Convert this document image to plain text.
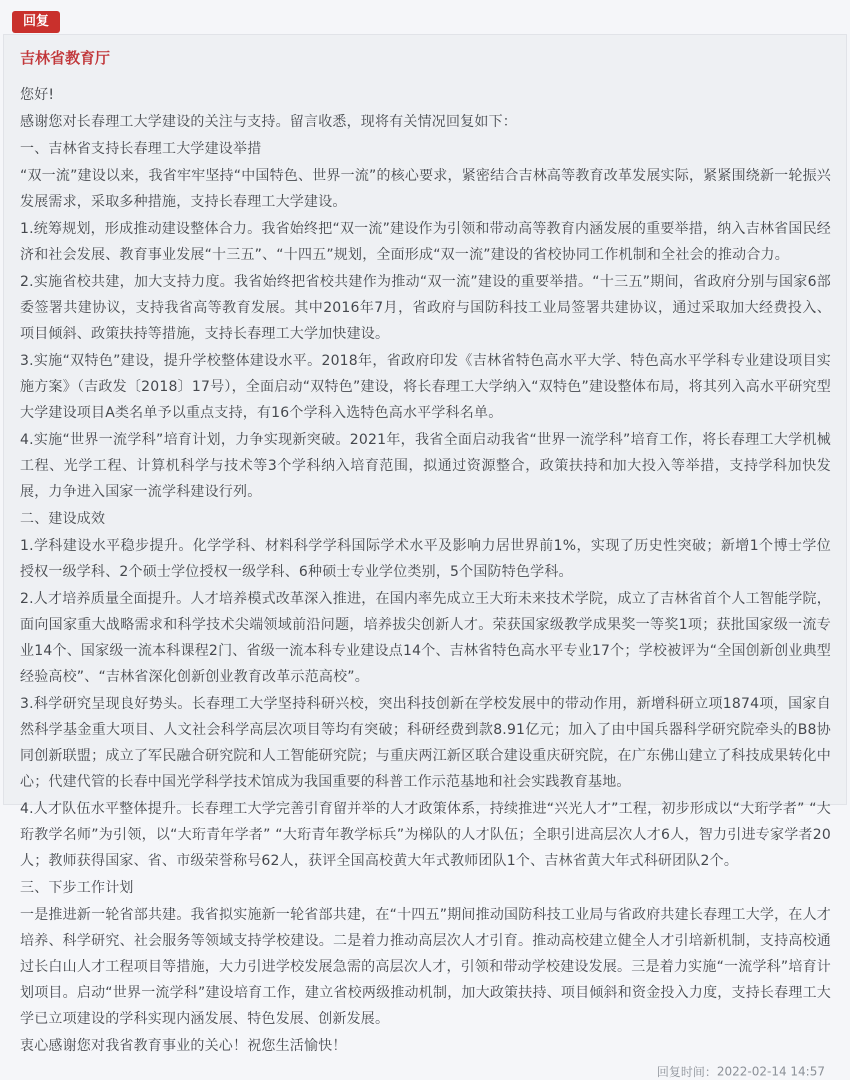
回复
吉林省教育厅

您好!

感谢您对长春理工大学建设的关注与支持。留言收悉，现将有关情况回复如下：

一、吉林省支持长春理工大学建设举措

“双一流”建设以来，我省牢牢坚持“中国特色、世界一流”的核心要求，紧密结合吉林高等教育改革发展实际，紧紧围绕新一轮振兴发展需求，采取多种措施，支持长春理工大学建设。

1.统筹规划，形成推动建设整体合力。我省始终把“双一流”建设作为引领和带动高等教育内涵发展的重要举措，纳入吉林省国民经济和社会发展、教育事业发展“十三五”、“十四五”规划，全面形成“双一流”建设的省校协同工作机制和全社会的推动合力。

2.实施省校共建，加大支持力度。我省始终把省校共建作为推动“双一流”建设的重要举措。“十三五”期间，省政府分别与国家6部委签署共建协议，支持我省高等教育发展。其中2016年7月，省政府与国防科技工业局签署共建协议，通过采取加大经费投入、项目倾斜、政策扶持等措施，支持长春理工大学加快建设。

3.实施“双特色”建设，提升学校整体建设水平。2018年，省政府印发《吉林省特色高水平大学、特色高水平学科专业建设项目实施方案》（吉政发〔2018〕17号），全面启动“双特色”建设，将长春理工大学纳入“双特色”建设整体布局，将其列入高水平研究型大学建设项目A类名单予以重点支持，有16个学科入选特色高水平学科名单。

4.实施“世界一流学科”培育计划，力争实现新突破。2021年，我省全面启动我省“世界一流学科”培育工作，将长春理工大学机械工程、光学工程、计算机科学与技术等3个学科纳入培育范围，拟通过资源整合，政策扶持和加大投入等举措，支持学科加快发展，力争进入国家一流学科建设行列。

二、建设成效

1.学科建设水平稳步提升。化学学科、材料科学学科国际学术水平及影响力居世界前1%，实现了历史性突破；新增1个博士学位授权一级学科、2个硕士学位授权一级学科、6种硕士专业学位类别，5个国防特色学科。

2.人才培养质量全面提升。人才培养模式改革深入推进，在国内率先成立王大珩未来技术学院，成立了吉林省首个人工智能学院，面向国家重大战略需求和科学技术尖端领域前沿问题，培养拔尖创新人才。荣获国家级教学成果奖一等奖1项；获批国家级一流专业14个、国家级一流本科课程2门、省级一流本科专业建设点14个、吉林省特色高水平专业17个；学校被评为“全国创新创业典型经验高校”、“吉林省深化创新创业教育改革示范高校”。

3.科学研究呈现良好势头。长春理工大学坚持科研兴校，突出科技创新在学校发展中的带动作用，新增科研立项1874项，国家自然科学基金重大项目、人文社会科学高层次项目等均有突破；科研经费到款8.91亿元；加入了由中国兵器科学研究院牵头的B8协同创新联盟；成立了军民融合研究院和人工智能研究院；与重庆两江新区联合建设重庆研究院，在广东佛山建立了科技成果转化中心；代建代管的长春中国光学科学技术馆成为我国重要的科普工作示范基地和社会实践教育基地。

4.人才队伍水平整体提升。长春理工大学完善引育留并举的人才政策体系，持续推进“兴光人才”工程，初步形成以“大珩学者” “大珩教学名师”为引领，以“大珩青年学者” “大珩青年教学标兵”为梯队的人才队伍；全职引进高层次人才6人，智力引进专家学者20人；教师获得国家、省、市级荣誉称号62人，获评全国高校黄大年式教师团队1个、吉林省黄大年式科研团队2个。

三、下步工作计划

一是推进新一轮省部共建。我省拟实施新一轮省部共建，在“十四五”期间推动国防科技工业局与省政府共建长春理工大学，在人才培养、科学研究、社会服务等领域支持学校建设。二是着力推动高层次人才引育。推动高校建立健全人才引培新机制，支持高校通过长白山人才工程项目等措施，大力引进学校发展急需的高层次人才，引领和带动学校建设发展。三是着力实施“一流学科”培育计划项目。启动“世界一流学科”建设培育工作，建立省校两级推动机制，加大政策扶持、项目倾斜和资金投入力度，支持长春理工大学已立项建设的学科实现内涵发展、特色发展、创新发展。

衷心感谢您对我省教育事业的关心！祝您生活愉快！

回复时间：2022-02-14 14:57
